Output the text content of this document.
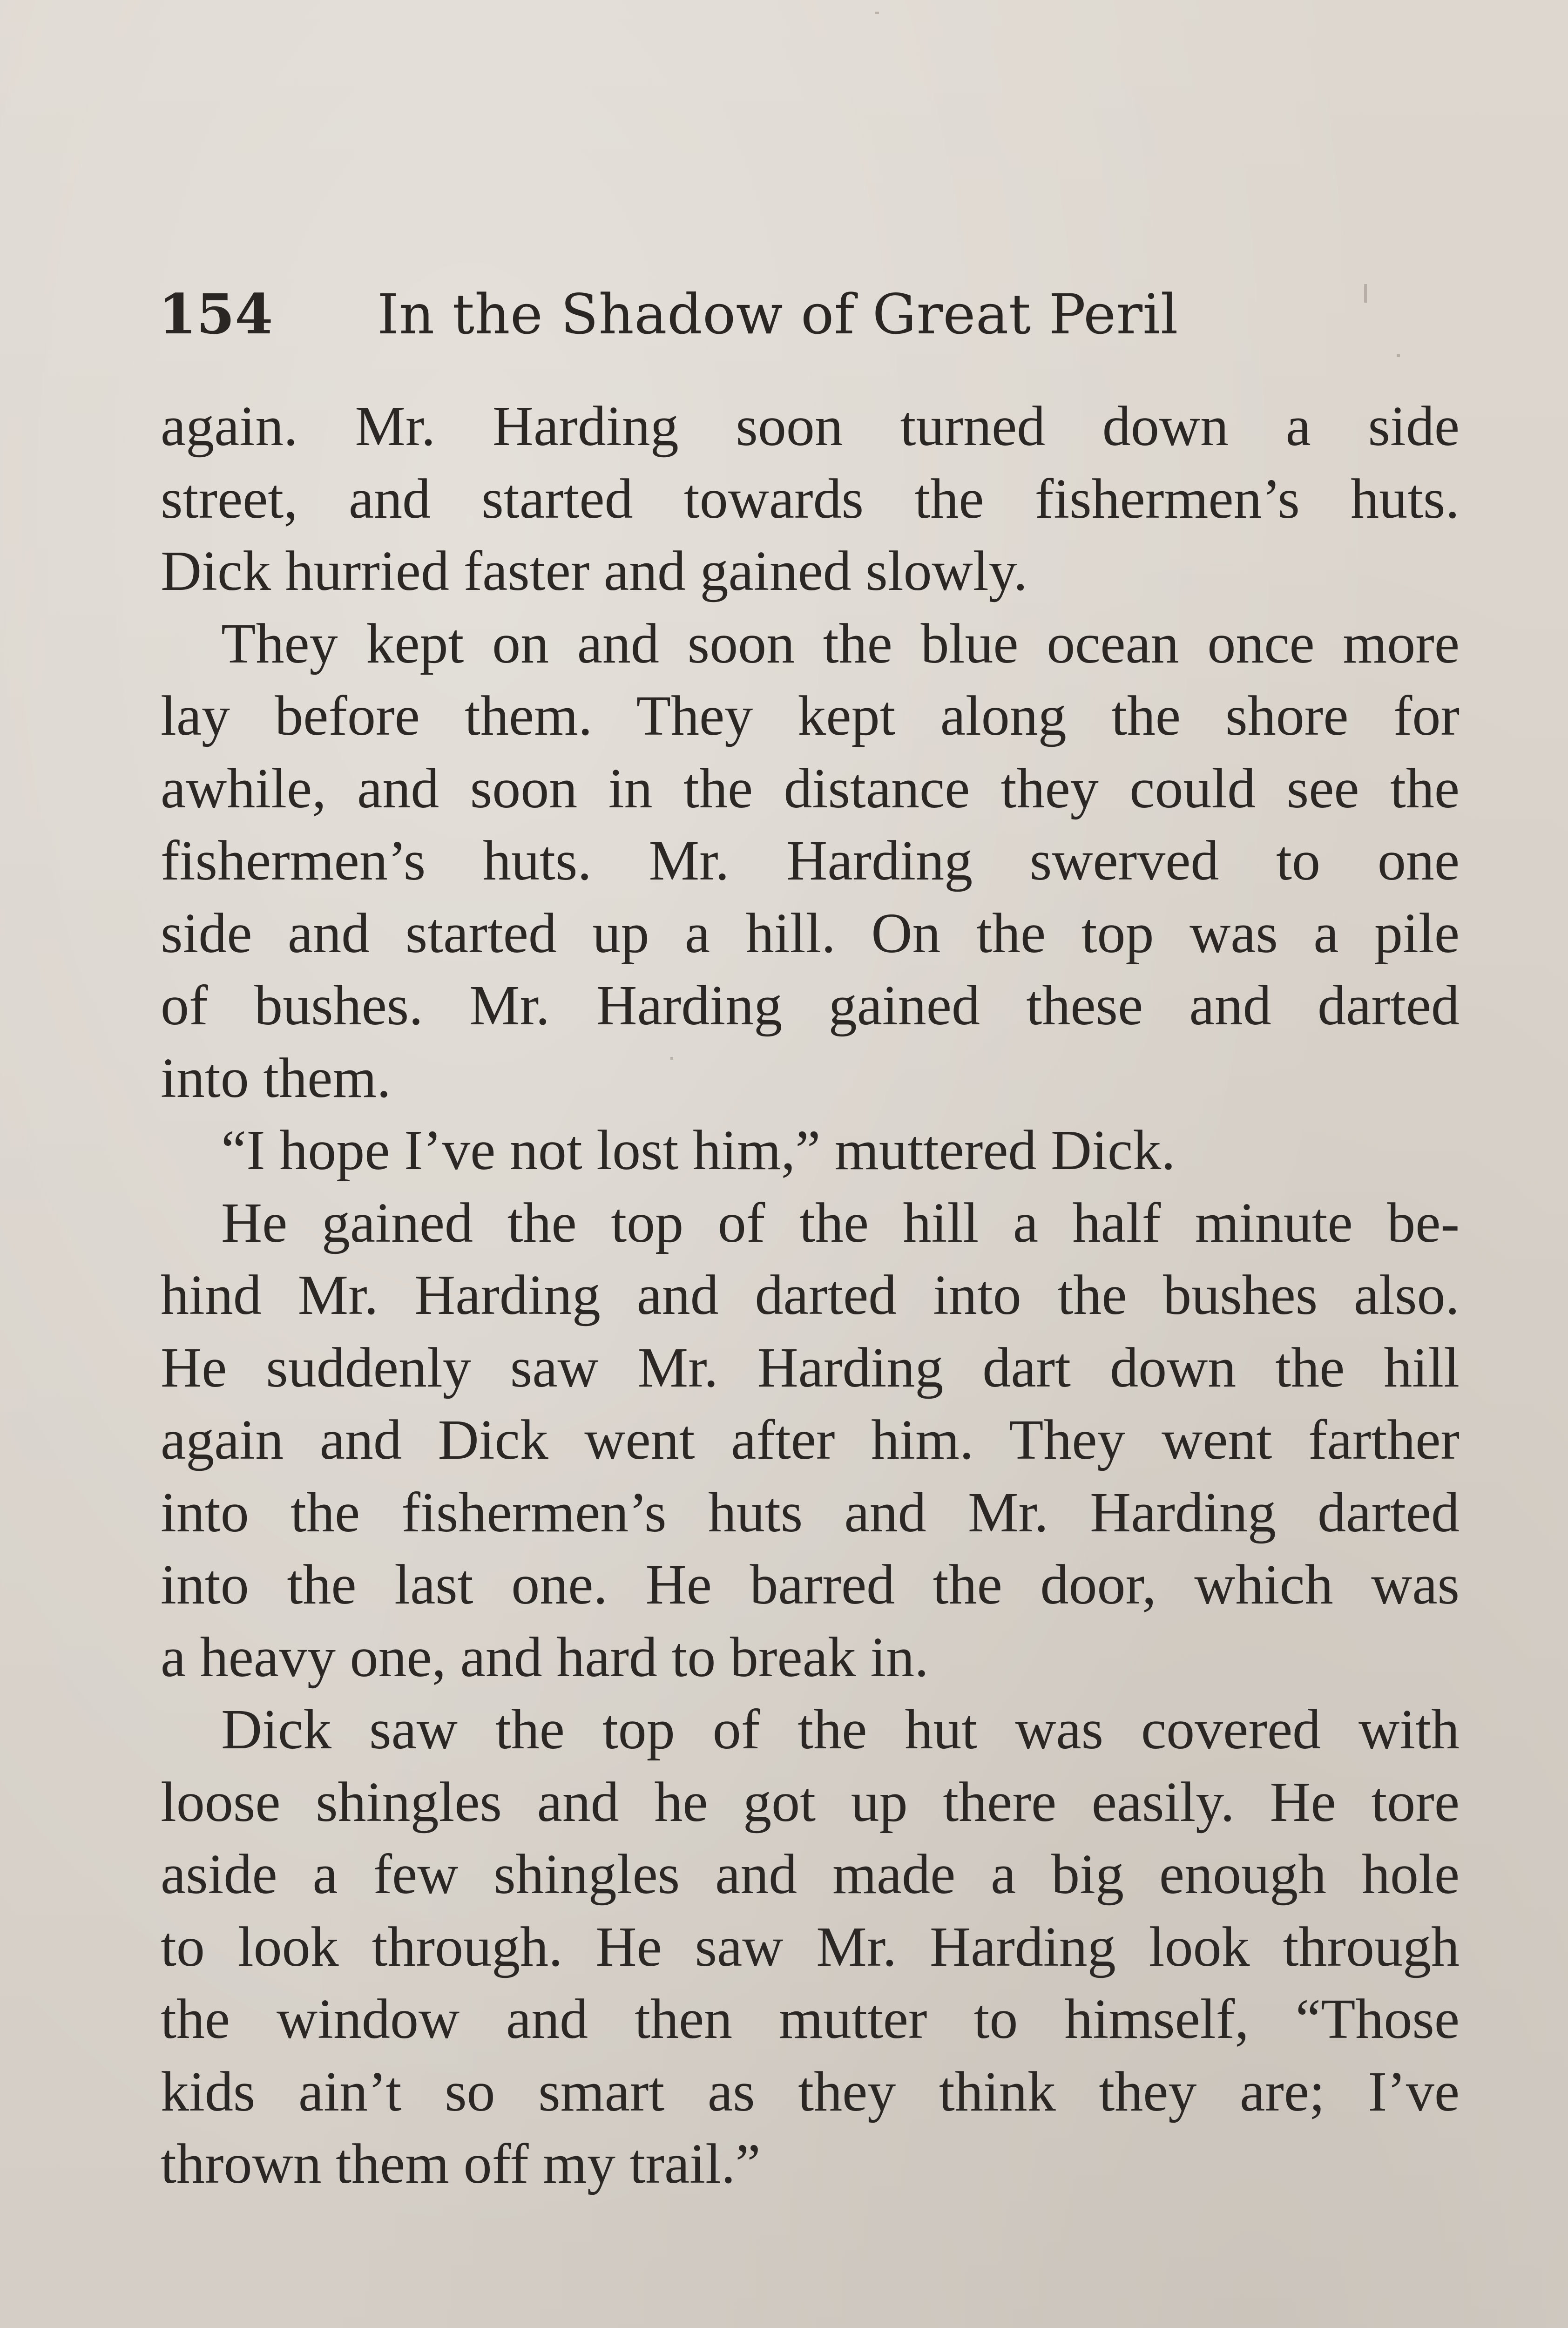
154	In the Shadow of Great Peril
again. Mr. Harding soon turned down a side
street, and started towards the fishermen’s huts.
Dick hurried faster and gained slowly.
They kept on and soon the blue ocean once more
lay before them. They kept along the shore for
awhile, and soon in the distance they could see the
fishermen’s huts. Mr. Harding swerved to one
side and started up a hill. On the top was a pile
of bushes. Mr. Harding gained these and darted
into them.
“I hope I’ve not lost him,” muttered Dick.
He gained the top of the hill a half minute be-
hind Mr. Harding and darted into the bushes also.
He suddenly saw Mr. Harding dart down the hill
again and Dick went after him. They went farther
into the fishermen’s huts and Mr. Harding darted
into the last one. He barred the door, which was
a heavy one, and hard to break in.
Dick saw the top of the hut was covered with
loose shingles and he got up there easily. He tore
aside a few shingles and made a big enough hole
to look through. He saw Mr. Harding look through
the window and then mutter to himself, “Those
kids ain’t so smart as they think they are; I’ve
thrown them off my trail.”
